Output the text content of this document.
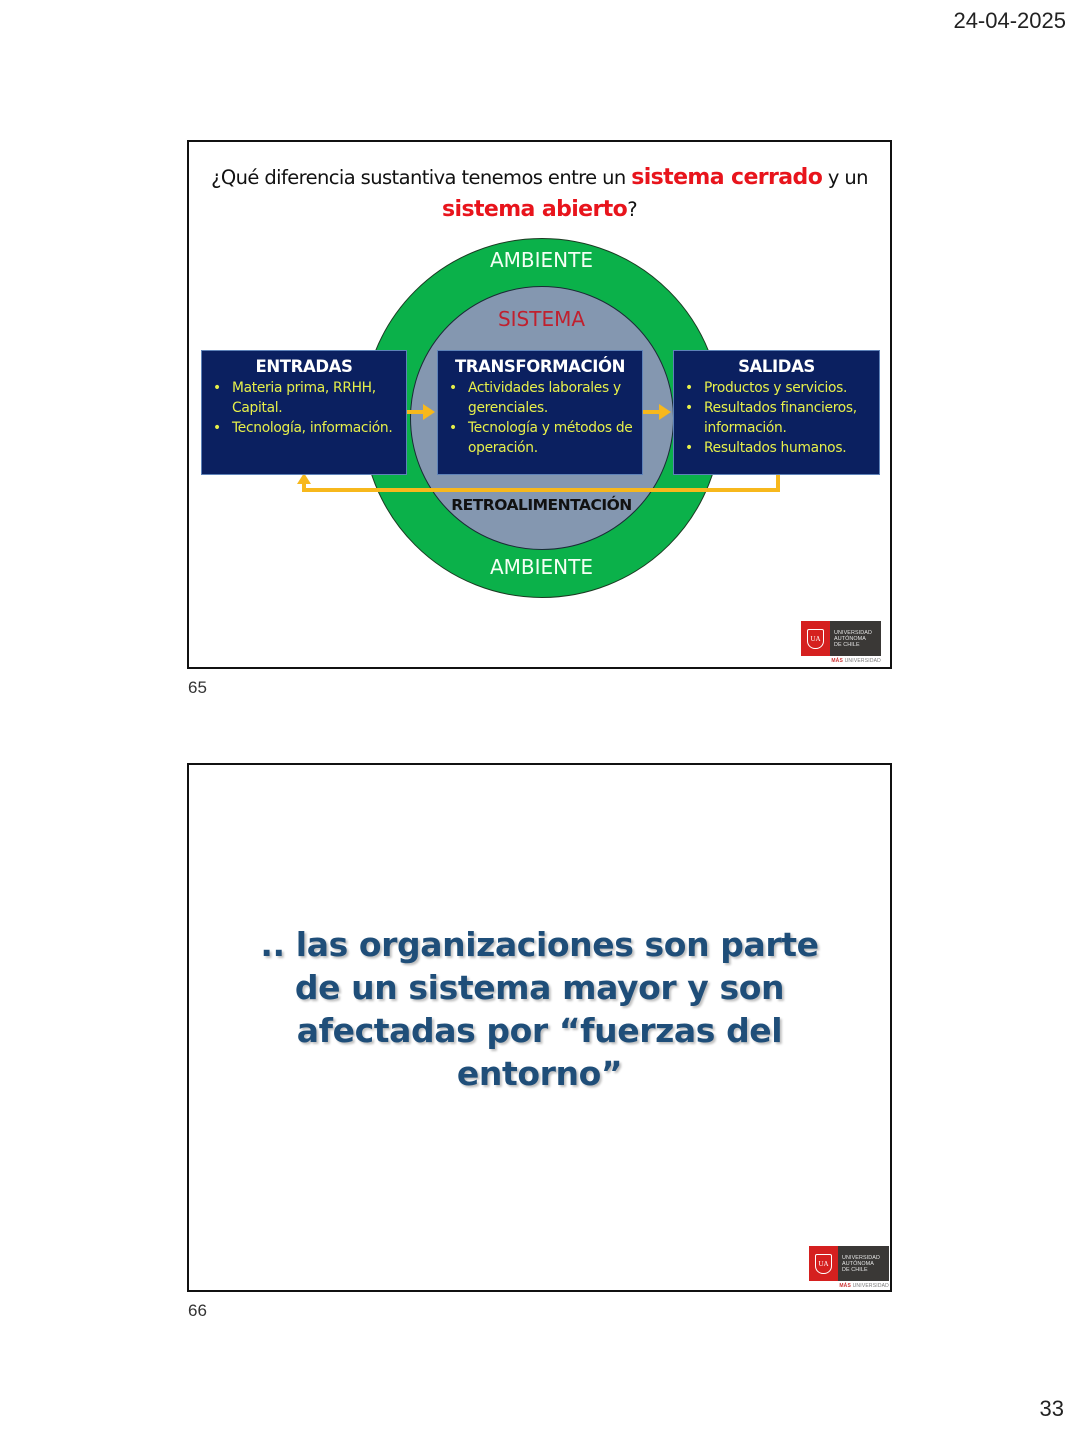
24-04-2025
¿Qué diferencia sustantiva tenemos entre un sistema cerrado y un
sistema abierto?
AMBIENTE
SISTEMA
ENTRADAS
• Materia prima, RRHH, Capital.
• Tecnología, información.
TRANSFORMACIÓN
• Actividades laborales y gerenciales.
• Tecnología y métodos de operación.
SALIDAS
• Productos y servicios.
• Resultados financieros, información.
• Resultados humanos.
RETROALIMENTACIÓN
AMBIENTE
UA
UNIVERSIDAD
AUTÓNOMA
DE CHILE
MÁS UNIVERSIDAD
65
.. las organizaciones son parte de un sistema mayor y son afectadas por “fuerzas del entorno”
UA
UNIVERSIDAD
AUTÓNOMA
DE CHILE
MÁS UNIVERSIDAD
66
33
